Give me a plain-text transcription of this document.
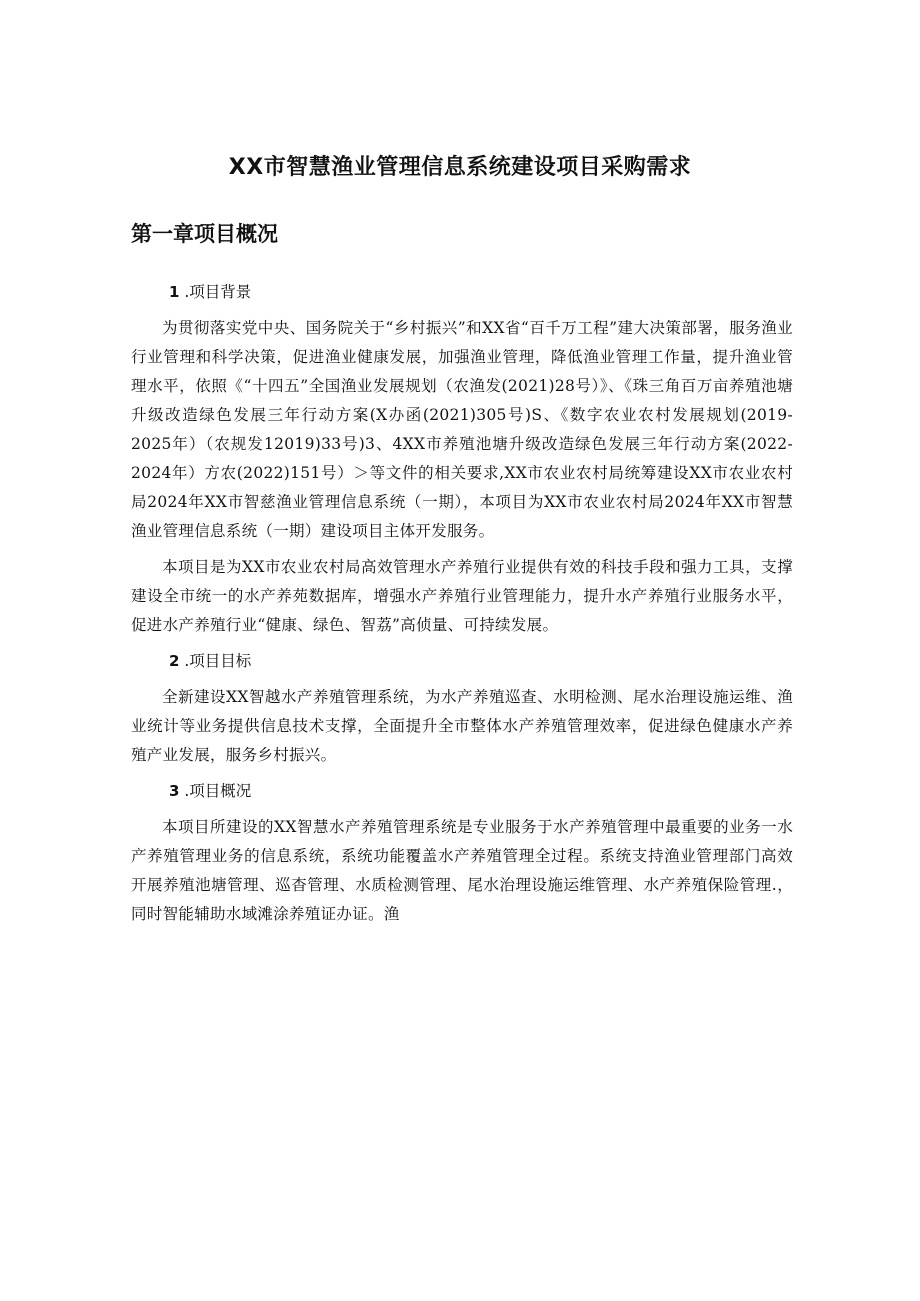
XX市智慧渔业管理信息系统建设项目采购需求
第一章项目概况

1 .项目背景

为贯彻落实党中央、国务院关于“乡村振兴”和XX省“百千万工程”建大决策部署，服务渔业行业管理和科学决策，促进渔业健康发展，加强渔业管理，降低渔业管理工作量，提升渔业管理水平，依照《“十四五”全国渔业发展规划（农渔发(2021)28号）》、《珠三角百万亩养殖池塘升级改造绿色发展三年行动方案(X办函(2021)305号)S、《数字农业农村发展规划(2019-2025年）（农规发12019)33号)3、4XX市养殖池塘升级改造绿色发展三年行动方案(2022-2024年）方农(2022)151号）＞等文件的相关要求,XX市农业农村局统筹建设XX市农业农村局2024年XX市智慈渔业管理信息系统（一期），本项目为XX市农业农村局2024年XX市智慧渔业管理信息系统（一期）建设项目主体开发服务。

本项目是为XX市农业农村局高效管理水产养殖行业提供有效的科技手段和强力工具，支撑建设全市统一的水产养苑数据库，增强水产养殖行业管理能力，提升水产养殖行业服务水平，促进水产养殖行业“健康、绿色、智荔”高侦量、可持续发展。

2 .项目目标

全新建设XX智越水产养殖管理系统，为水产养殖巡查、水明检测、尾水治理设施运维、渔业统计等业务提供信息技术支撑，全面提升全市整体水产养殖管理效率，促进绿色健康水产养殖产业发展，服务乡村振兴。

3 .项目概况

本项目所建设的XX智慧水产养殖管理系统是专业服务于水产养殖管理中最重要的业务一水产养殖管理业务的信息系统，系统功能覆盖水产养殖管理全过程。系统支持渔业管理部门高效开展养殖池塘管理、巡杳管理、水质检测管理、尾水治理设施运维管理、水产养殖保险管理.，同时智能辅助水域滩涂养殖证办证。渔
